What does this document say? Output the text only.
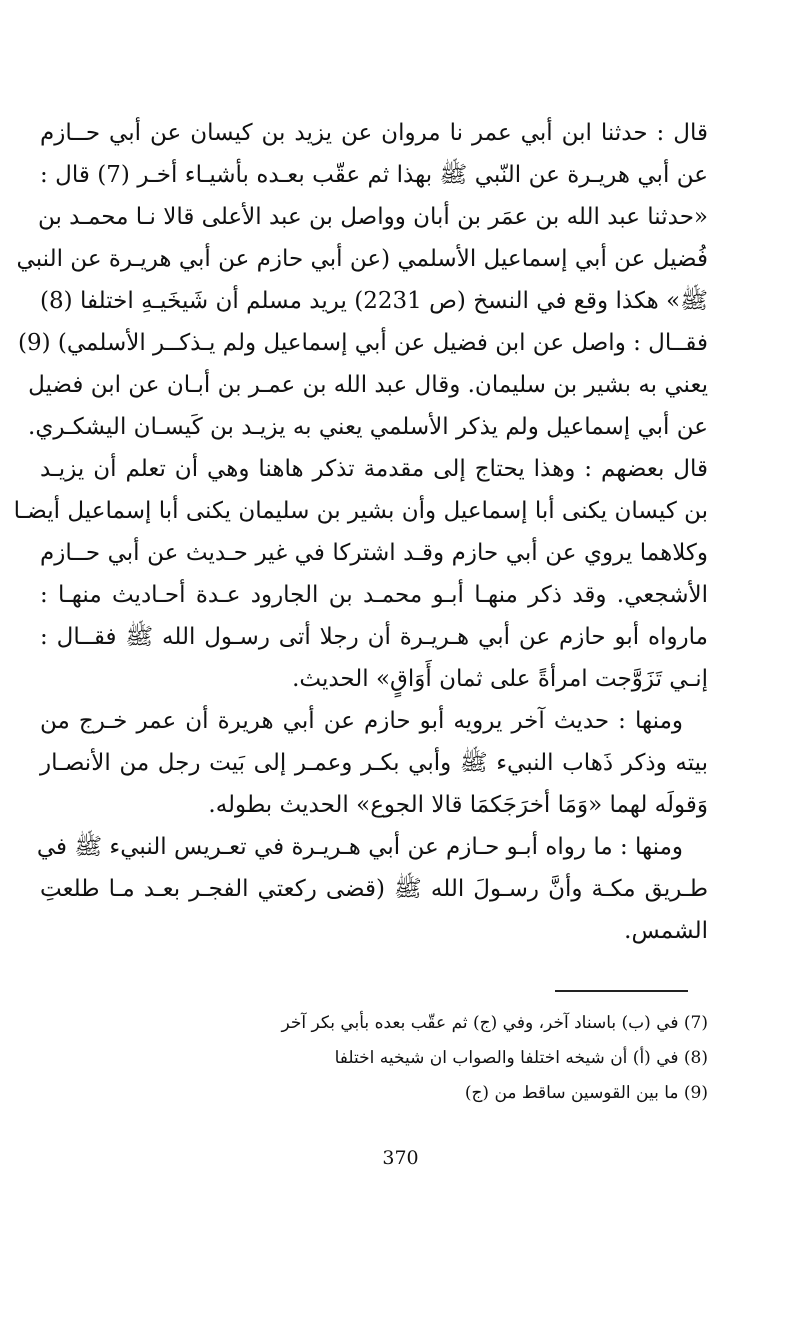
قال : حدثنا ابن أبي عمر نا مروان عن يزيد بن كيسان عن أبي حــازم
عن أبي هريـرة عن النّبي ﷺ بهذا ثم عقّب بعـده بأشيـاء أخـر (7) قال :
«حدثنا عبد الله بن عمَر بن أبان وواصل بن عبد الأعلى قالا نـا محمـد بن
فُضيل عن أبي إسماعيل الأسلمي (عن أبي حازم عن أبي هريـرة عن النبي
ﷺ» هكذا وقع في النسخ (ص 2231) يريد مسلم أن شَيخَيـهِ اختلفا (8)
فقــال : واصل عن ابن فضيل عن أبي إسماعيل ولم يـذكــر الأسلمي) (9)
يعني به بشير بن سليمان. وقال عبد الله بن عمـر بن أبـان عن ابن فضيل
عن أبي إسماعيل ولم يذكر الأسلمي يعني به يزيـد بن كَيسـان اليشكـري.
قال بعضهم : وهذا يحتاج إلى مقدمة تذكر هاهنا وهي أن تعلم أن يزيـد
بن كيسان يكنى أبا إسماعيل وأن بشير بن سليمان يكنى أبا إسماعيل أيضـا
وكلاهما يروي عن أبي حازم وقـد اشتركا في غير حـديث عن أبي حــازم
الأشجعي. وقد ذكر منهـا أبـو محمـد بن الجارود عـدة أحـاديث منهـا :
مارواه أبو حازم عن أبي هـريـرة أن رجلا أتى رسـول الله ﷺ فقــال :
إنـي تَزَوَّجت امرأةً على ثمان أَوَاقٍ» الحديث.
ومنها : حديث آخر يرويه أبو حازم عن أبي هريرة أن عمر خـرج من
بيته وذكر ذَهاب النبيء ﷺ وأبي بكـر وعمـر إلى بَيت رجل من الأنصـار
وَقولَه لهما «وَمَا أخرَجَكمَا قالا الجوع» الحديث بطوله.
ومنها : ما رواه أبـو حـازم عن أبي هـريـرة في تعـريس النبيء ﷺ في
طـريق مكـة وأنَّ رسـولَ الله ﷺ (قضى ركعتي الفجـر بعـد مـا طلعتِ
الشمس.
(7) في (ب) باسناد آخر، وفي (ج) ثم عقّب بعده بأبي بكر آخر
(8) في (أ) أن شيخه اختلفا والصواب ان شيخيه اختلفا
(9) ما بين القوسين ساقط من (ج)
370
